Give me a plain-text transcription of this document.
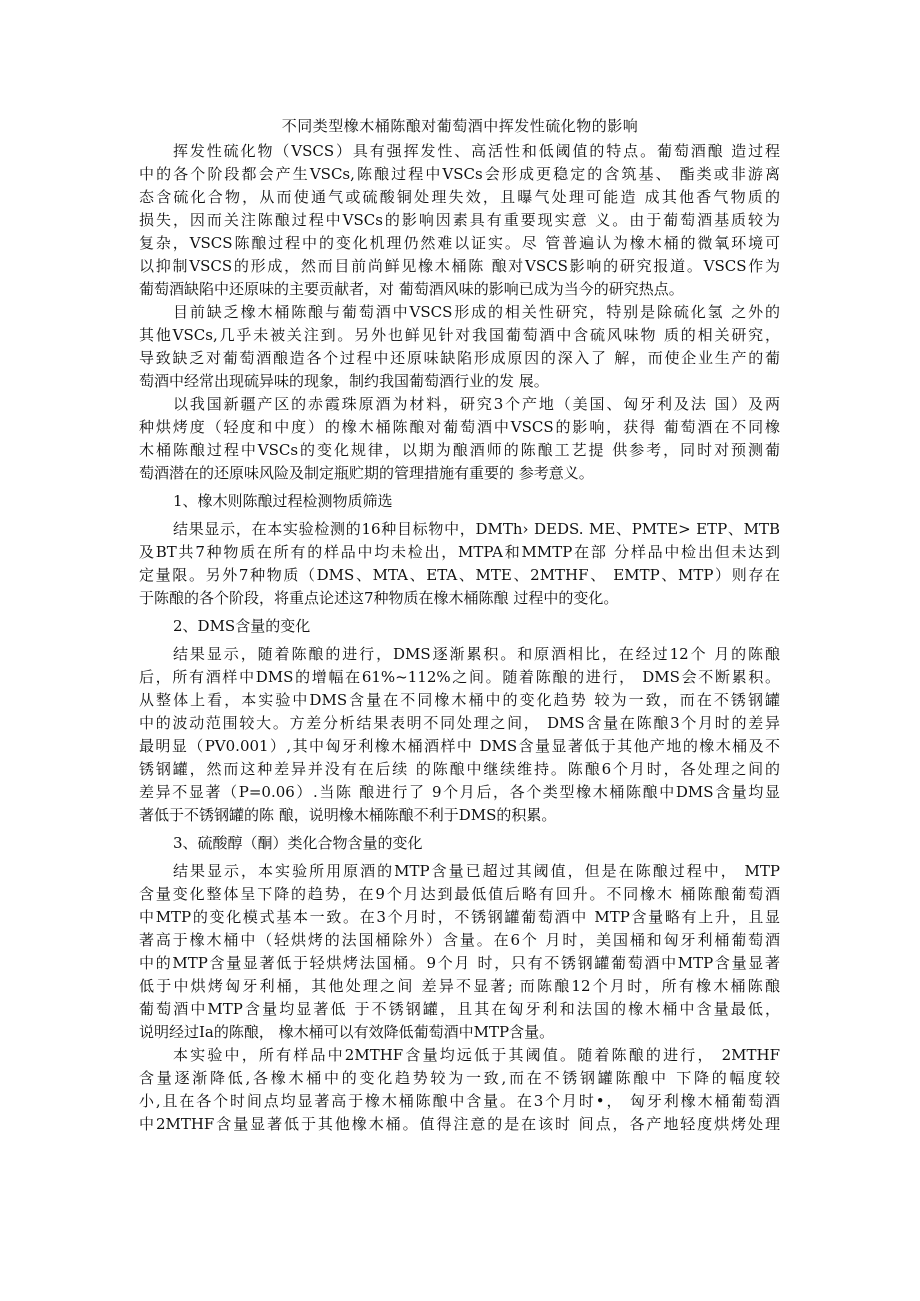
不同类型橡木桶陈酿对葡萄酒中挥发性硫化物的影响
挥发性硫化物（VSCS）具有强挥发性、高活性和低阈值的特点。葡萄酒酿 造过程
中的各个阶段都会产生VSCs,陈酿过程中VSCs会形成更稳定的含筑基、 酯类或非游离
态含硫化合物，从而使通气或硫酸铜处理失效，且曝气处理可能造 成其他香气物质的
损失，因而关注陈酿过程中VSCs的影响因素具有重要现实意 义。由于葡萄酒基质较为
复杂，VSCS陈酿过程中的变化机理仍然难以证实。尽 管普遍认为橡木桶的微氧环境可
以抑制VSCS的形成，然而目前尚鲜见橡木桶陈 酿对VSCS影响的研究报道。VSCS作为
葡萄酒缺陷中还原味的主要贡献者，对 葡萄酒风味的影响已成为当今的研究热点。
目前缺乏橡木桶陈酿与葡萄酒中VSCS形成的相关性研究，特别是除硫化氢 之外的
其他VSCs,几乎未被关注到。另外也鲜见针对我国葡萄酒中含硫风味物 质的相关研究，
导致缺乏对葡萄酒酿造各个过程中还原味缺陷形成原因的深入了 解，而使企业生产的葡
萄酒中经常出现硫异味的现象，制约我国葡萄酒行业的发 展。
以我国新疆产区的赤霞珠原酒为材料，研究3个产地（美国、匈牙利及法 国）及两
种烘烤度（轻度和中度）的橡木桶陈酿对葡萄酒中VSCS的影响，获得 葡萄酒在不同橡
木桶陈酿过程中VSCs的变化规律，以期为酿酒师的陈酿工艺提 供参考，同时对预测葡
萄酒潜在的还原味风险及制定瓶贮期的管理措施有重要的 参考意义。
1、橡木则陈酿过程检测物质筛选
结果显示，在本实验检测的16种目标物中，DMTh› DEDS. ME、PMTE> ETP、MTB
及BT共7种物质在所有的样品中均未检出，MTPA和MMTP在部 分样品中检出但未达到
定量限。另外7种物质（DMS、MTA、ETA、MTE、2MTHF、 EMTP、MTP）则存在
于陈酿的各个阶段，将重点论述这7种物质在橡木桶陈酿 过程中的变化。
2、DMS含量的变化
结果显示，随着陈酿的进行，DMS逐渐累积。和原酒相比，在经过12个 月的陈酿
后，所有酒样中DMS的增幅在61%~112%之间。随着陈酿的进行， DMS会不断累积。
从整体上看，本实验中DMS含量在不同橡木桶中的变化趋势 较为一致，而在不锈钢罐
中的波动范围较大。方差分析结果表明不同处理之间， DMS含量在陈酿3个月时的差异
最明显（PV0.001）,其中匈牙利橡木桶酒样中 DMS含量显著低于其他产地的橡木桶及不
锈钢罐，然而这种差异并没有在后续 的陈酿中继续维持。陈酿6个月时，各处理之间的
差异不显著（P=0.06）.当陈 酿进行了 9个月后，各个类型橡木桶陈酿中DMS含量均显
著低于不锈钢罐的陈 酿，说明橡木桶陈酿不利于DMS的积累。
3、硫酸醇（酮）类化合物含量的变化
结果显示，本实验所用原酒的MTP含量已超过其阈值，但是在陈酿过程中， MTP
含量变化整体呈下降的趋势，在9个月达到最低值后略有回升。不同橡木 桶陈酿葡萄酒
中MTP的变化模式基本一致。在3个月时，不锈钢罐葡萄酒中 MTP含量略有上升，且显
著高于橡木桶中（轻烘烤的法国桶除外）含量。在6个 月时，美国桶和匈牙利桶葡萄酒
中的MTP含量显著低于轻烘烤法国桶。9个月 时，只有不锈钢罐葡萄酒中MTP含量显著
低于中烘烤匈牙利桶，其他处理之间 差异不显著; 而陈酿12个月时，所有橡木桶陈酿
葡萄酒中MTP含量均显著低 于不锈钢罐，且其在匈牙利和法国的橡木桶中含量最低，
说明经过Ia的陈酿， 橡木桶可以有效降低葡萄酒中MTP含量。
本实验中，所有样品中2MTHF含量均远低于其阈值。随着陈酿的进行， 2MTHF
含量逐渐降低,各橡木桶中的变化趋势较为一致,而在不锈钢罐陈酿中 下降的幅度较
小,且在各个时间点均显著高于橡木桶陈酿中含量。在3个月时•， 匈牙利橡木桶葡萄酒
中2MTHF含量显著低于其他橡木桶。值得注意的是在该时 间点，各产地轻度烘烤处理
